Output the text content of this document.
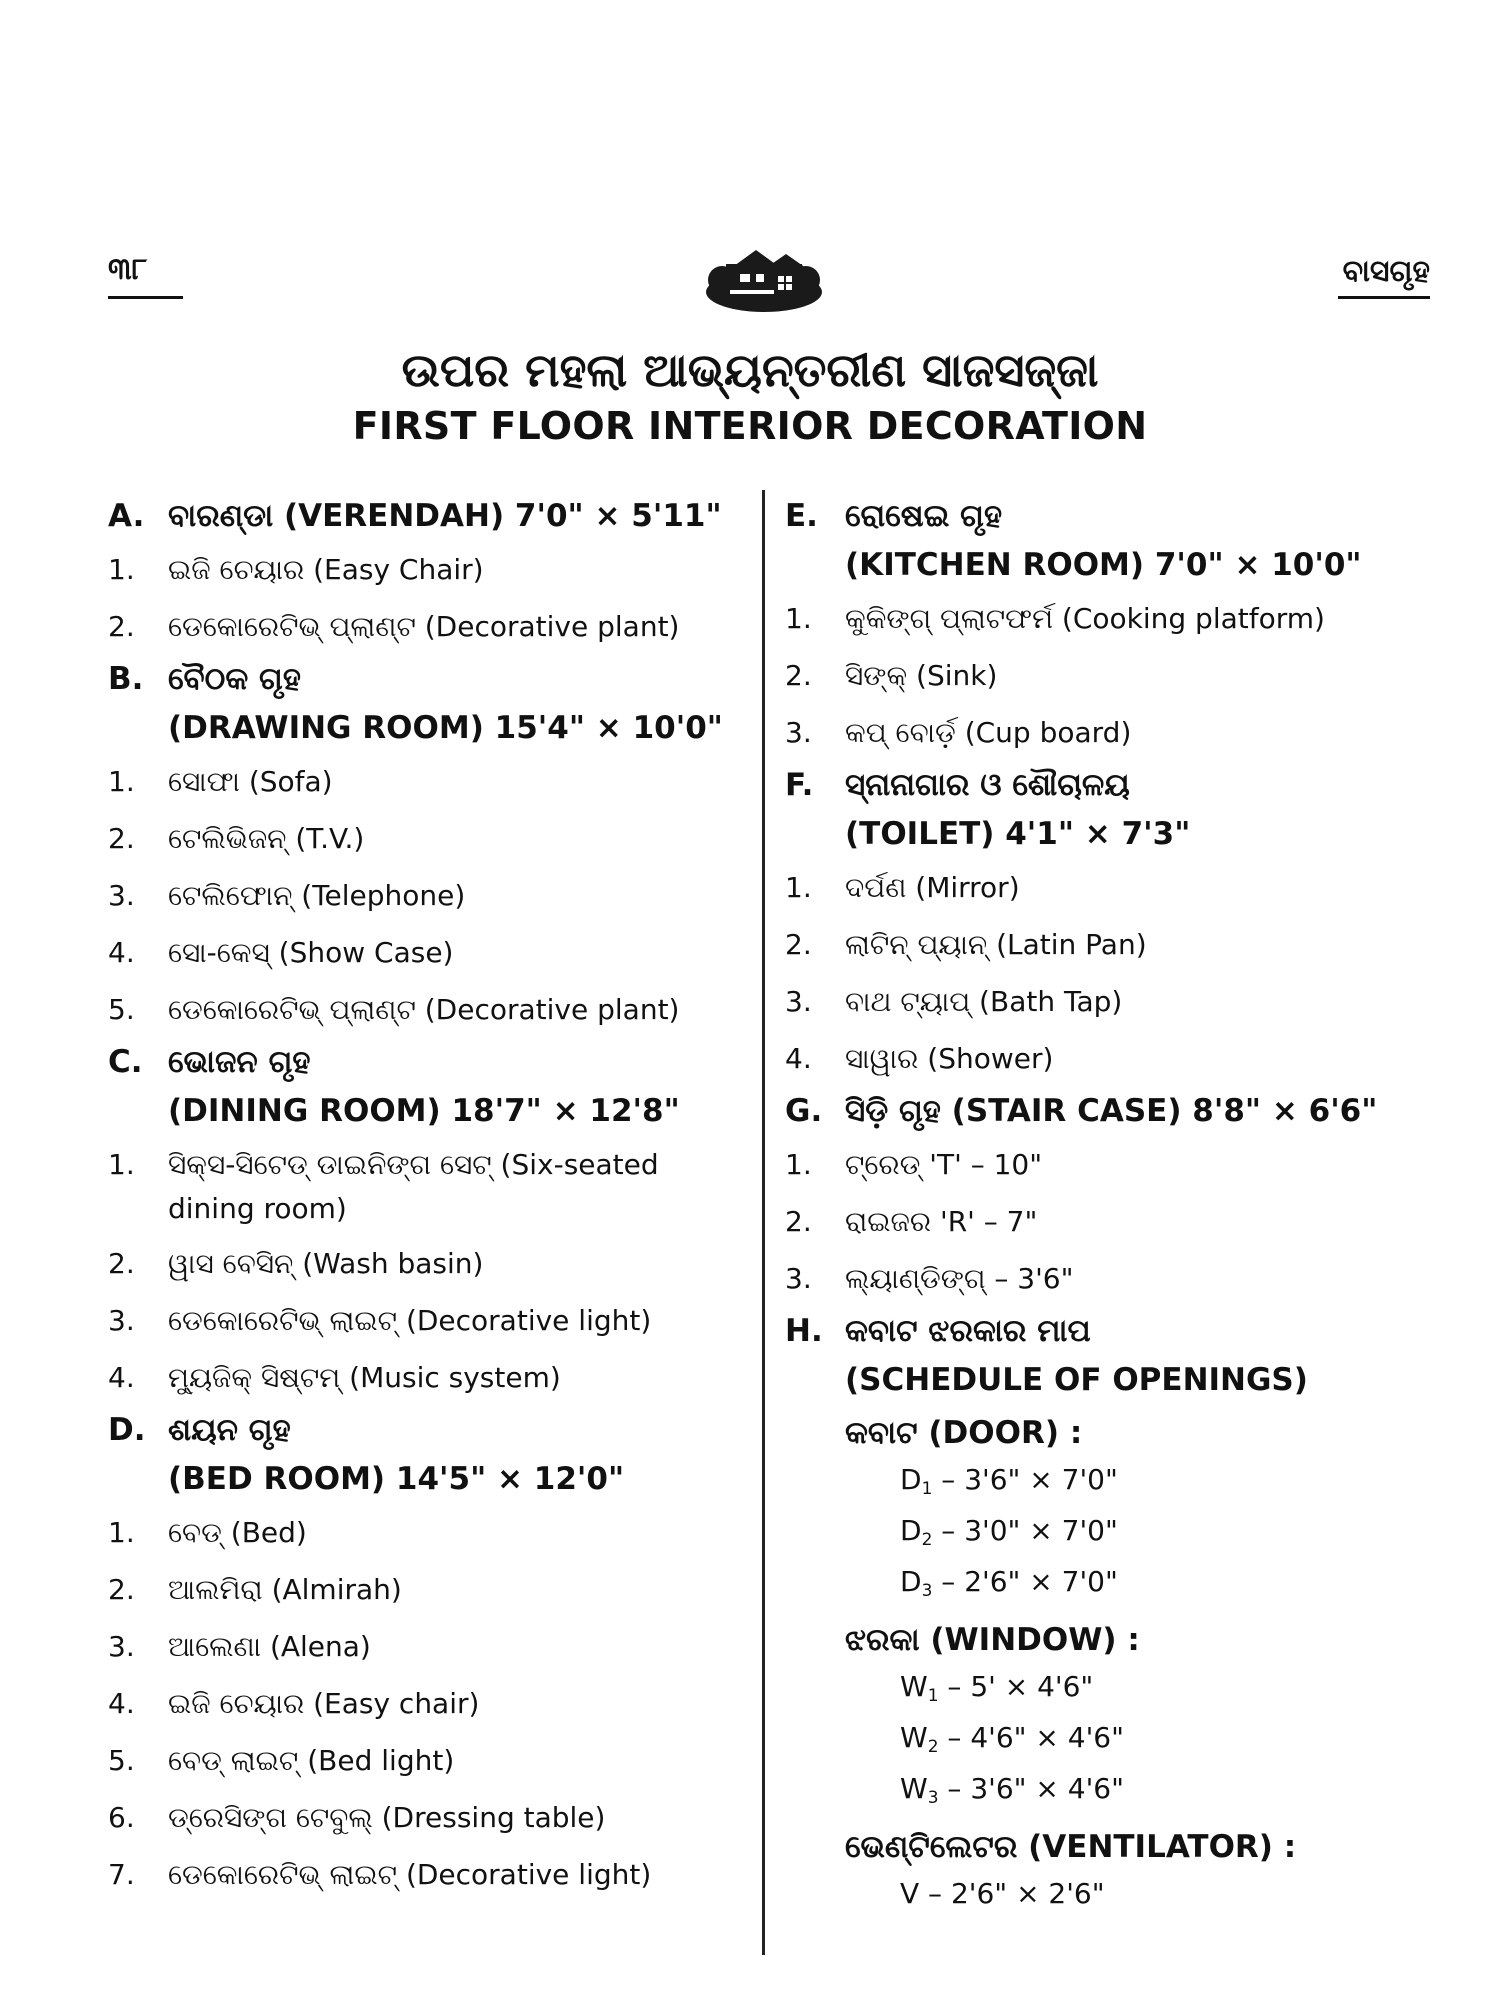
୩୮	ବାସଗୃହ
ଉପର ମହଲା ଆଭ୍ୟନ୍ତରୀଣ ସାଜସଜ୍ଜା
FIRST FLOOR INTERIOR DECORATION
A. ବାରଣ୍ଡା (VERENDAH) 7'0" × 5'11"
1.	ଇଜି ଚେୟାର (Easy Chair)
2.	ଡେକୋରେଟିଭ୍ ପ୍ଲାଣ୍ଟ (Decorative plant)
B. ବୈଠକ ଗୃହ
(DRAWING ROOM) 15'4" × 10'0"
1.	ସୋଫା (Sofa)
2.	ଟେଲିଭିଜନ୍ (T.V.)
3.	ଟେଲିଫୋନ୍ (Telephone)
4.	ସୋ-କେସ୍ (Show Case)
5.	ଡେକୋରେଟିଭ୍ ପ୍ଲାଣ୍ଟ (Decorative plant)
C. ଭୋଜନ ଗୃହ
(DINING ROOM) 18'7" × 12'8"
1.	ସିକ୍ସ-ସିଟେଡ୍ ଡାଇନିଙ୍ଗ ସେଟ୍ (Six-seated dining room)
2.	ୱାସ ବେସିନ୍ (Wash basin)
3.	ଡେକୋରେଟିଭ୍ ଲାଇଟ୍ (Decorative light)
4.	ମ୍ୟୁଜିକ୍ ସିଷ୍ଟମ୍ (Music system)
D. ଶୟନ ଗୃହ
(BED ROOM) 14'5" × 12'0"
1.	ବେଡ୍ (Bed)
2.	ଆଲମିରା (Almirah)
3.	ଆଲେଣା (Alena)
4.	ଇଜି ଚେୟାର (Easy chair)
5.	ବେଡ୍ ଲାଇଟ୍ (Bed light)
6.	ଡ୍ରେସିଙ୍ଗ ଟେବୁଲ୍ (Dressing table)
7.	ଡେକୋରେଟିଭ୍ ଲାଇଟ୍ (Decorative light)
E. ରୋଷେଇ ଗୃହ
(KITCHEN ROOM) 7'0" × 10'0"
1.	କୁକିଙ୍ଗ୍ ପ୍ଲାଟଫର୍ମ (Cooking platform)
2.	ସିଙ୍କ୍ (Sink)
3.	କପ୍ ବୋର୍ଡ଼ (Cup board)
F.	ସ୍ନାନାଗାର ଓ ଶୌଚାଳୟ
(TOILET) 4'1" × 7'3"
1.	ଦର୍ପଣ (Mirror)
2.	ଲାଟିନ୍ ପ୍ୟାନ୍ (Latin Pan)
3.	ବାଥ ଟ୍ୟାପ୍ (Bath Tap)
4.	ସାୱାର (Shower)
G. ସିଡ଼ି ଗୃହ (STAIR CASE) 8'8" × 6'6"
1.	ଟ୍ରେଡ୍ 'T' – 10"
2.	ରାଇଜର 'R' – 7"
3.	ଲ୍ୟାଣ୍ଡିଙ୍ଗ୍ – 3'6"
H. କବାଟ ଝରକାର ମାପ
(SCHEDULE OF OPENINGS)
କବାଟ (DOOR) :
$D_1 - 3'6$" × 7'0"
$D_2 - 3'0$" × 7'0"
$D_3 - 2'6$" × 7'0"
ଝରକା (WINDOW) :
$W_1 - 5' \times 4'6$"
$W_2 - 4'6$" × 4'6"
$W_3 - 3'6$" × 4'6"
ଭେଣ୍ଟିଲେଟର (VENTILATOR) :
V – 2'6" × 2'6"
